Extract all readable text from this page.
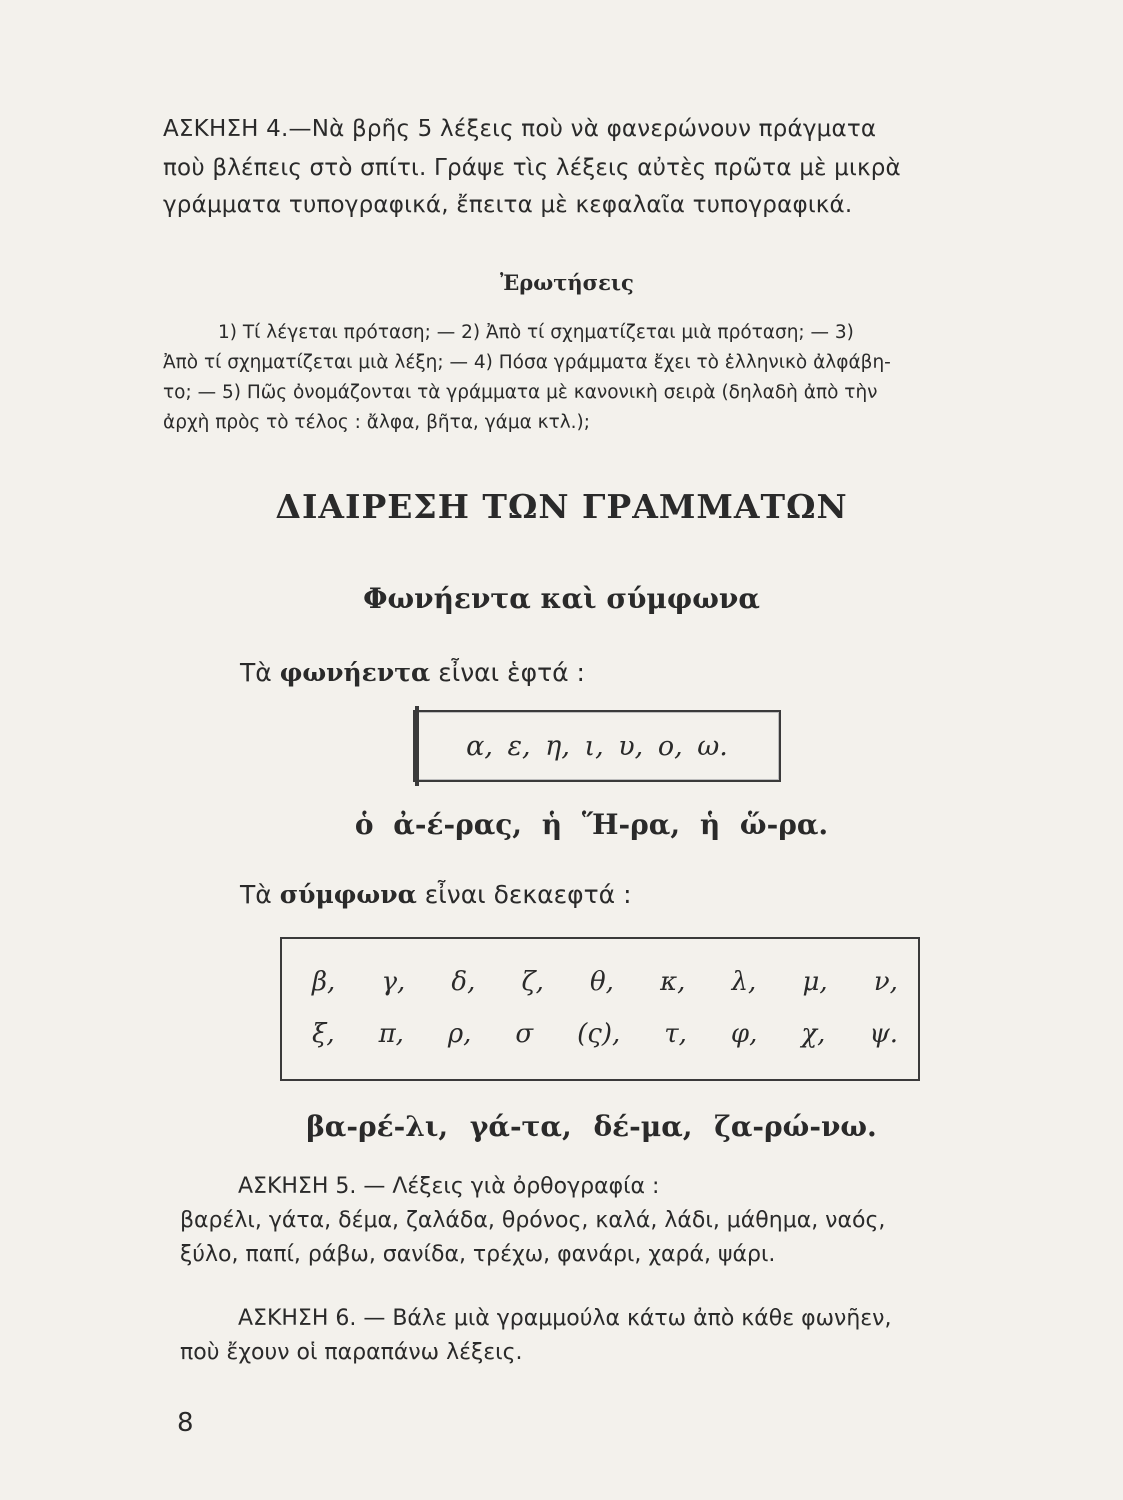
ΑΣΚΗΣΗ 4.—Νὰ βρῆς 5 λέξεις ποὺ νὰ φανερώνουν πράγματα

ποὺ βλέπεις στὸ σπίτι. Γράψε τὶς λέξεις αὐτὲς πρῶτα μὲ μικρὰ

γράμματα τυπογραφικά, ἔπειτα μὲ κεφαλαῖα τυπογραφικά.

Ἐρωτήσεις

1) Τί λέγεται πρόταση; — 2) Ἀπὸ τί σχηματίζεται μιὰ πρόταση; — 3)

Ἀπὸ τί σχηματίζεται μιὰ λέξη; — 4) Πόσα γράμματα ἔχει τὸ ἑλληνικὸ ἀλφάβη-

το; — 5) Πῶς ὀνομάζονται τὰ γράμματα μὲ κανονικὴ σειρὰ (δηλαδὴ ἀπὸ τὴν

ἀρχὴ πρὸς τὸ τέλος : ἄλφα, βῆτα, γάμα κτλ.);

ΔΙΑΙΡΕΣΗ ΤΩΝ ΓΡΑΜΜΑΤΩΝ

Φωνήεντα καὶ σύμφωνα

Τὰ φωνήεντα εἶναι ἑφτά :

α, ε, η, ι, υ, ο, ω.

ὁ ἀ-έ-ρας, ἡ Ἥ-ρα, ἡ ὥ-ρα.

Τὰ σύμφωνα εἶναι δεκαεφτά :

β, γ, δ, ζ, θ, κ, λ, μ, ν,
ξ, π, ρ, σ (ς), τ, φ, χ, ψ.

βα-ρέ-λι, γά-τα, δέ-μα, ζα-ρώ-νω.

ΑΣΚΗΣΗ 5. — Λέξεις γιὰ ὀρθογραφία :

βαρέλι, γάτα, δέμα, ζαλάδα, θρόνος, καλά, λάδι, μάθημα, ναός,

ξύλο, παπί, ράβω, σανίδα, τρέχω, φανάρι, χαρά, ψάρι.

ΑΣΚΗΣΗ 6. — Βάλε μιὰ γραμμούλα κάτω ἀπὸ κάθε φωνῆεν,

ποὺ ἔχουν οἱ παραπάνω λέξεις.

8
